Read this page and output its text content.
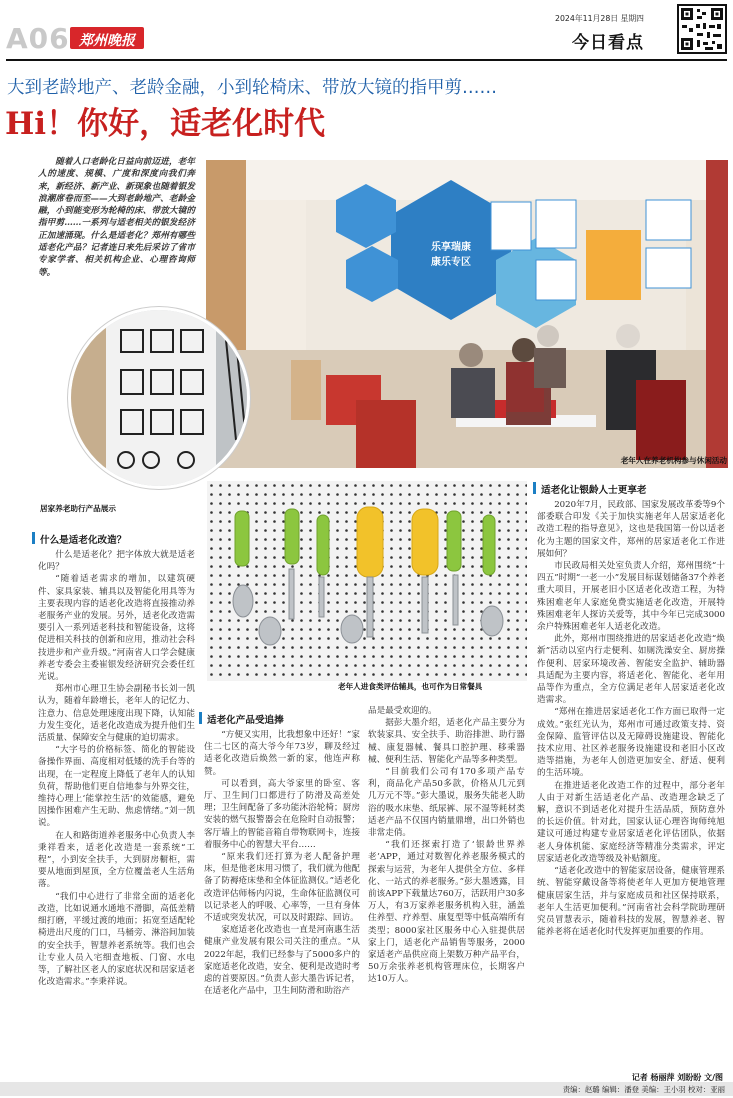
A06 郑州晚报
2024年11月28日 星期四
今日看点
大到老龄地产、老龄金融，小到轮椅床、带放大镜的指甲剪……
Hi！你好，适老化时代
随着人口老龄化日益向前迈进，老年人的速度、规模、广度和深度向我们奔来，新经济、新产业、新现象也随着银发浪潮席卷而至——大到老龄地产、老龄金融，小到能变形为轮椅的床、带放大镜的指甲剪……一系列与适老相关的银发经济正加速涌现。什么是适老化？郑州有哪些适老化产品？记者连日来先后采访了省市专家学者、相关机构企业、心理咨询师等。
乐享瑞康
康乐专区
老年人在养老机构参与休闲活动
居家养老助行产品展示
老年人进食类评估辅具，也可作为日常餐具
什么是适老化改造？

什么是适老化？把字体放大就是适老化吗？

“随着适老需求的增加，以建筑硬件、家具家装、辅具以及智能化用具等为主要表现内容的适老化改造将直接推动养老服务产业的发展。另外，适老化改造需要引入一系列适老科技和智能设备，这将促进相关科技的创新和应用，推动社会科技进步和产业升级。”河南省人口学会健康养老专委会主委崔银发经济研究会委任红光说。

郑州市心理卫生协会副秘书长刘一凯认为，随着年龄增长，老年人的记忆力、注意力、信息处理速度出现下降，认知能力发生变化，适老化改造成为提升他们生活质量、保障安全与健康的迫切需求。

“大字号的价格标签、简化的智能设备操作界面、高度相对低矮的洗手台等的出现，在一定程度上降低了老年人的认知负荷，帮助他们更自信地参与外界交往，维持心理上‘能掌控生活’的效能感，避免因操作困难产生无助、焦虑情绪。”刘一凯说。

在人和路街道养老服务中心负责人李秉祥看来，适老化改造是一套系统“工程”，小到安全扶手，大到厨房橱柜，需要从地面到屋顶，全方位覆盖老人生活角落。

“我们中心进行了非常全面的适老化改造，比如说通水通地不滑脚，高低差精细打磨，平缓过渡的地面；拓宽至适配轮椅进出尺度的门口，马桶旁、淋浴间加装的安全扶手，智慧养老系统等。我们也会让专业人员入宅细查地板、门窗、水电等，了解社区老人的家庭状况和居家适老化改造需求。”李秉祥说。

适老化产品受追捧

“方便又实用，比我想象中还好！”家住二七区的高大爷今年73岁，聊及经过适老化改造后焕然一新的家，他连声称赞。

可以看到，高大爷家里的卧室、客厅、卫生间门口都进行了防滑及高差处理；卫生间配备了多功能沐浴轮椅；厨房安装的燃气报警器会在危险时自动报警；客厅墙上的智能音箱自带物联网卡，连接着服务中心的智慧大平台……

“原来我们还打算为老人配备护理床，但是他老床用习惯了，我们就为他配备了防褥疮床垫和全体征监测仪。”适老化改造评估师杨内闪说，生命体征监测仪可以记录老人的呼吸、心率等，一旦有身体不适或突发状况，可以及时跟踪、回访。

家庭适老化改造也一直是河南惠生活健康产业发展有限公司关注的重点。“从2022年起，我们已经参与了5000多户的家庭适老化改造，安全、便利是改造时考虑的首要原因。”负责人彭大墨告诉记者，在适老化产品中，卫生间防滑和助浴产

品是最受欢迎的。

据彭大墨介绍，适老化产品主要分为软装家具、安全扶手、助浴排泄、助行器械、康复器械、餐具口腔护理、移乘器械、便利生活、智能化产品等多种类型。

“目前我们公司有170多项产品专利，商品化产品50多款，价格从几元到几万元不等。”彭大墨说，服务失能老人助浴的吸水床垫、纸尿裤、尿不湿等耗材类适老产品不仅国内销量鼎增，出口外销也非常走俏。

“我们还探索打造了‘银龄世界养老’APP，通过对数智化养老服务模式的探索与运营，为老年人提供全方位、多样化、一站式的养老服务。”彭大墨透露，目前该APP下载量达760万，活跃用户30多万人，有3万家养老服务机构入驻，涵盖住养型、疗养型、康复型等中低高端所有类型；8000家社区服务中心入驻提供居家上门，适老化产品销售等服务，2000家适老产品供应商上架数万种产品平台，50万余张养老机构管理床位，长期客户达10万人。

适老化让银龄人士更享老

2020年7月，民政部、国家发展改革委等9个部委联合印发《关于加快实施老年人居家适老化改造工程的指导意见》，这也是我国第一份以适老化为主题的国家文件，郑州的居家适老化工作进展如何？

市民政局相关处室负责人介绍，郑州围绕“十四五”时期“一老一小”发展目标谋划储备37个养老重大项目，开展老旧小区适老化改造工程，为特殊困难老年人家庭免费实施适老化改造，开展特殊困难老年人探访关爱等，其中今年已完成3000余户特殊困难老年人适老化改造。

此外，郑州市围绕推进的居家适老化改造“焕新”活动以室内行走便利、如厕洗澡安全、厨房操作便利、居家环境改善、智能安全监护、辅助器具适配为主要内容，将适老化、智能化、老年用品等作为重点，全方位满足老年人居家适老化改造需求。

“郑州在推进居家适老化工作方面已取得一定成效。”张红光认为，郑州市可通过政策支持、资金保障、监管评估以及无障碍设施建设、智能化技术应用、社区养老服务设施建设和老旧小区改造等措施，为老年人创造更加安全、舒适、便利的生活环境。

在推进适老化改造工作的过程中，部分老年人由于对新生活适老化产品、改造理念缺乏了解，意识不到适老化对提升生活品质，预防意外的长远价值。针对此，国家认证心理咨询师纯旭建议可通过构建专业居家适老化评估团队，依据老人身体机能、家庭经济等精准分类需求，评定居家适老化改造等级及补贴额度。

“适老化改造中的智能家居设备，健康管理系统、智能穿戴设备等将使老年人更加方便地管理健康居家生活，并与家庭成员和社区保持联系，老年人生活更加便利。”河南省社会科学院助理研究员冒慧表示，随着科技的发展，智慧养老、智能养老将在适老化时代发挥更加重要的作用。

记者 杨丽萍 刘盼盼 文/图
责编：赵璐 编辑：潘登 美编：王小羽 校对：亚丽
